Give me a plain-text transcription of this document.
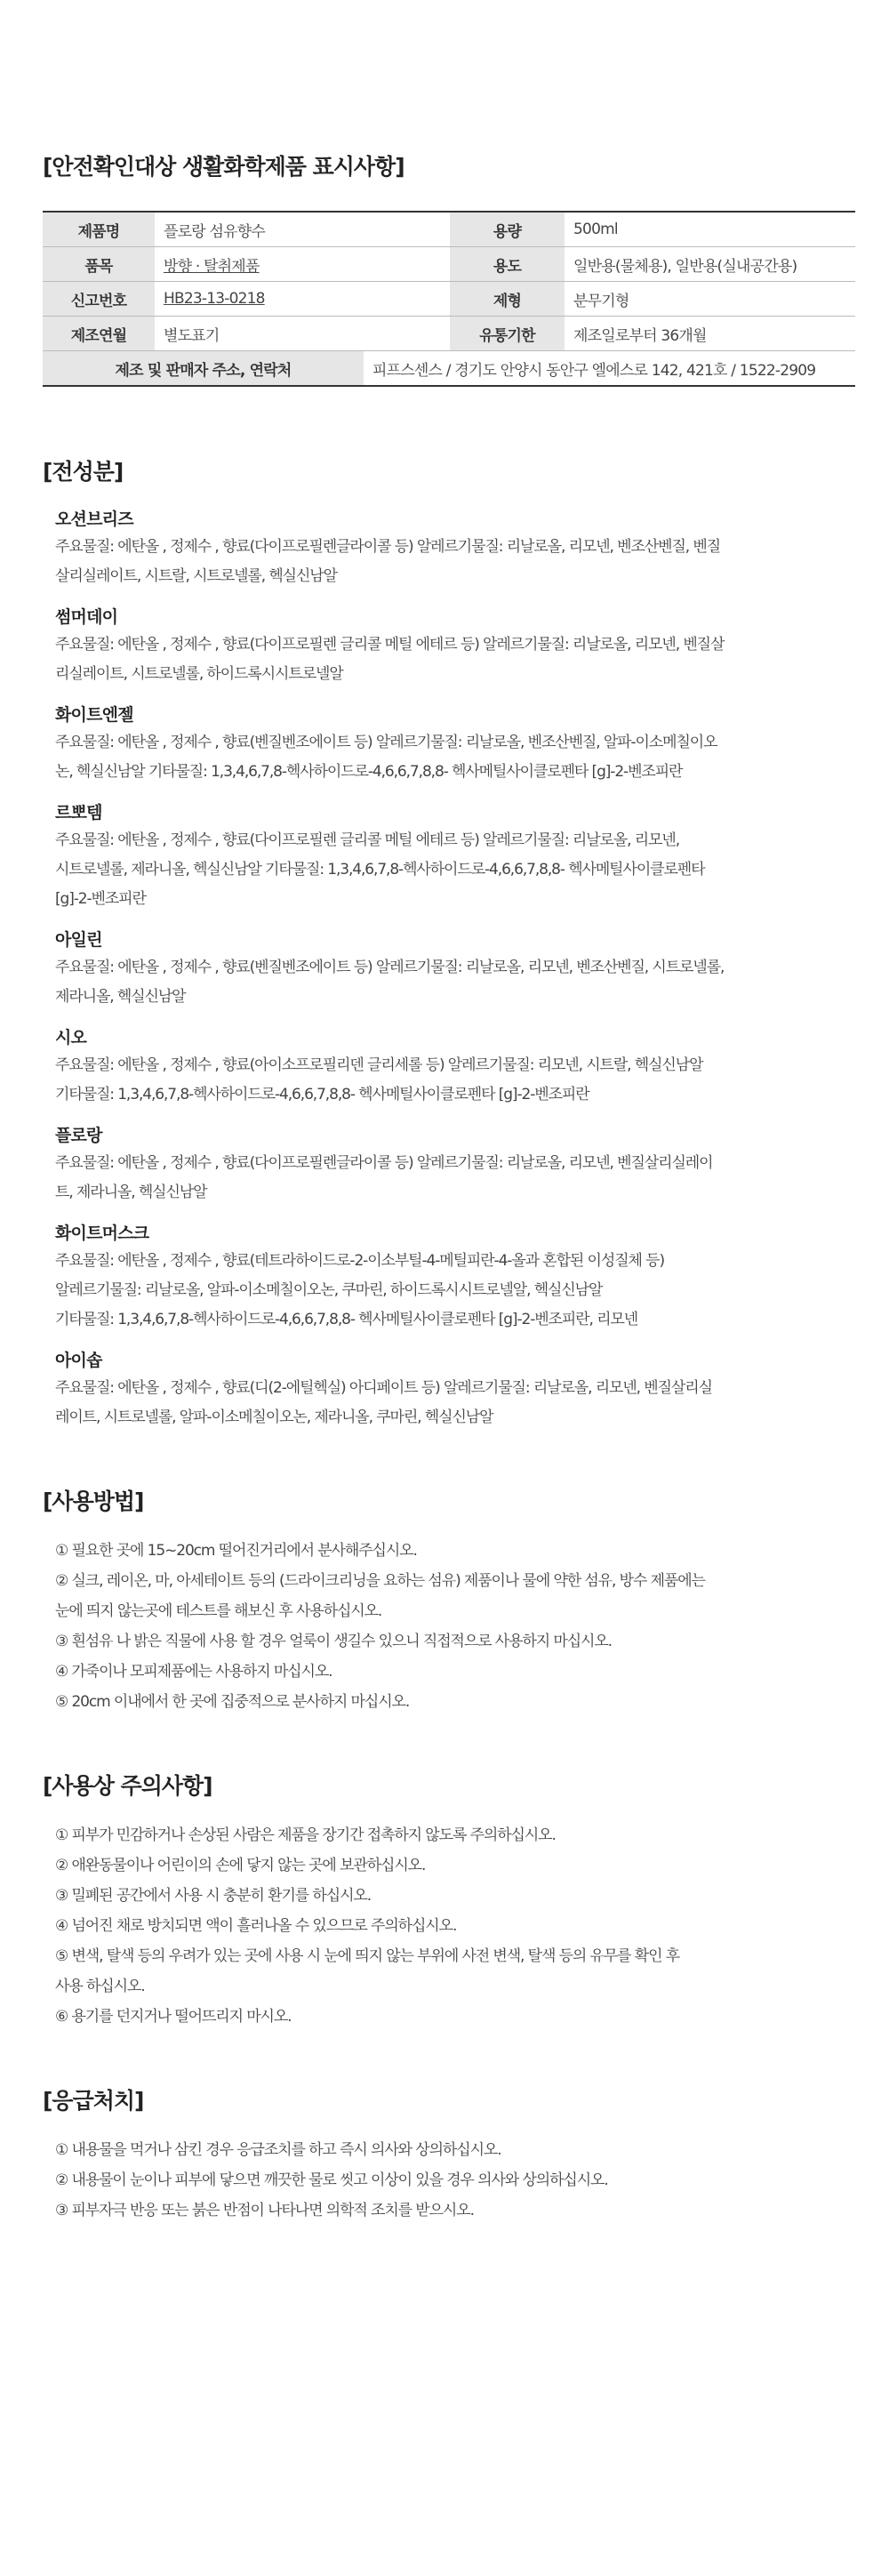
[안전확인대상 생활화학제품 표시사항]
제품명	플로랑 섬유향수		용량	500ml
품목	방향 · 탈취제품		용도	일반용(물체용), 일반용(실내공간용)
신고번호	HB23-13-0218		제형	분무기형
제조연월	별도표기		유통기한	제조일로부터 36개월
제조 및 판매자 주소, 연락처		피프스센스 / 경기도 안양시 동안구 엘에스로 142, 421호 / 1522-2909		
[전성분]
오션브리즈
주요물질: 에탄올 , 정제수 , 향료(다이프로필렌글라이콜 등) 알레르기물질: 리날로올, 리모넨, 벤조산벤질, 벤질
살리실레이트, 시트랄, 시트로넬롤, 헥실신남알
썸머데이
주요물질: 에탄올 , 정제수 , 향료(다이프로필렌 글리콜 메틸 에테르 등) 알레르기물질: 리날로올, 리모넨, 벤질살
리실레이트, 시트로넬롤, 하이드록시시트로넬알
화이트엔젤
주요물질: 에탄올 , 정제수 , 향료(벤질벤조에이트 등) 알레르기물질: 리날로올, 벤조산벤질, 알파-이소메칠이오
논, 헥실신남알 기타물질: 1,3,4,6,7,8-헥사하이드로-4,6,6,7,8,8- 헥사메틸사이클로펜타 [g]-2-벤조피란
르뽀템
주요물질: 에탄올 , 정제수 , 향료(다이프로필렌 글리콜 메틸 에테르 등) 알레르기물질: 리날로올, 리모넨,
시트로넬롤, 제라니올, 헥실신남알 기타물질: 1,3,4,6,7,8-헥사하이드로-4,6,6,7,8,8- 헥사메틸사이클로펜타
[g]-2-벤조피란
아일린
주요물질: 에탄올 , 정제수 , 향료(벤질벤조에이트 등) 알레르기물질: 리날로올, 리모넨, 벤조산벤질, 시트로넬롤,
제라니올, 헥실신남알
시오
주요물질: 에탄올 , 정제수 , 향료(아이소프로필리덴 글리세롤 등) 알레르기물질: 리모넨, 시트랄, 헥실신남알
기타물질: 1,3,4,6,7,8-헥사하이드로-4,6,6,7,8,8- 헥사메틸사이클로펜타 [g]-2-벤조피란
플로랑
주요물질: 에탄올 , 정제수 , 향료(다이프로필렌글라이콜 등) 알레르기물질: 리날로올, 리모넨, 벤질살리실레이
트, 제라니올, 헥실신남알
화이트머스크
주요물질: 에탄올 , 정제수 , 향료(테트라하이드로-2-이소부틸-4-메틸피란-4-올과 혼합된 이성질체 등)
알레르기물질: 리날로올, 알파-이소메칠이오논, 쿠마린, 하이드록시시트로넬알, 헥실신남알
기타물질: 1,3,4,6,7,8-헥사하이드로-4,6,6,7,8,8- 헥사메틸사이클로펜타 [g]-2-벤조피란, 리모넨
아이솝
주요물질: 에탄올 , 정제수 , 향료(디(2-에틸헥실) 아디페이트 등) 알레르기물질: 리날로올, 리모넨, 벤질살리실
레이트, 시트로넬롤, 알파-이소메칠이오논, 제라니올, 쿠마린, 헥실신남알
[사용방법]
① 필요한 곳에 15~20cm 떨어진거리에서 분사해주십시오.
② 실크, 레이온, 마, 아세테이트 등의 (드라이크리닝을 요하는 섬유) 제품이나 물에 약한 섬유, 방수 제품에는
눈에 띄지 않는곳에 테스트를 해보신 후 사용하십시오.
③ 흰섬유 나 밝은 직물에 사용 할 경우 얼룩이 생길수 있으니 직접적으로 사용하지 마십시오.
④ 가죽이나 모피제품에는 사용하지 마십시오.
⑤ 20cm 이내에서 한 곳에 집중적으로 분사하지 마십시오.
[사용상 주의사항]
① 피부가 민감하거나 손상된 사람은 제품을 장기간 접촉하지 않도록 주의하십시오.
② 애완동물이나 어린이의 손에 닿지 않는 곳에 보관하십시오.
③ 밀폐된 공간에서 사용 시 충분히 환기를 하십시오.
④ 넘어진 채로 방치되면 액이 흘러나올 수 있으므로 주의하십시오.
⑤ 변색, 탈색 등의 우려가 있는 곳에 사용 시 눈에 띄지 않는 부위에 사전 변색, 탈색 등의 유무를 확인 후
사용 하십시오.
⑥ 용기를 던지거나 떨어뜨리지 마시오.
[응급처치]
① 내용물을 먹거나 삼킨 경우 응급조치를 하고 즉시 의사와 상의하십시오.
② 내용물이 눈이나 피부에 닿으면 깨끗한 물로 씻고 이상이 있을 경우 의사와 상의하십시오.
③ 피부자극 반응 또는 붉은 반점이 나타나면 의학적 조치를 받으시오.
